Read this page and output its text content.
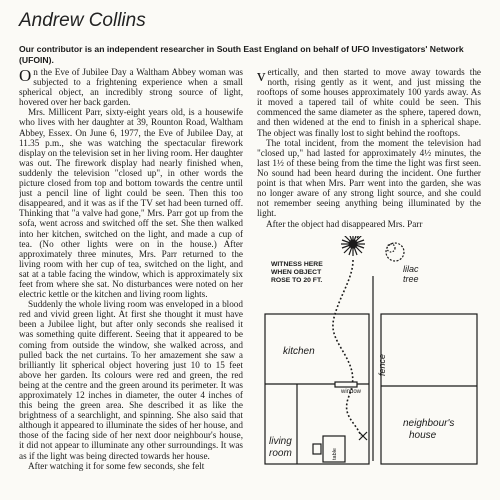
Andrew Collins

Our contributor is an independent researcher in South East England on behalf of UFO Investigators' Network (UFOIN).

On the Eve of Jubilee Day a Waltham Abbey woman was subjected to a frightening experience when a small spherical object, an incredibly strong source of light, hovered over her back garden.

Mrs. Millicent Parr, sixty-eight years old, is a housewife who lives with her daughter at 39, Rounton Road, Waltham Abbey, Essex. On June 6, 1977, the Eve of Jubilee Day, at 11.35 p.m., she was watching the spectacular firework display on the television set in her living room. Her daughter was out. The firework display had nearly finished when, suddenly the television "closed up", in other words the picture closed from top and bottom towards the centre until just a pencil line of light could be seen. Then this too disappeared, and it was as if the TV set had been turned off. Thinking that "a valve had gone," Mrs. Parr got up from the sofa, went across and switched off the set. She then walked into her kitchen, switched on the light, and made a cup of tea. (No other lights were on in the house.) After approximately three minutes, Mrs. Parr returned to the living room with her cup of tea, switched on the light, and sat at a table facing the window, which is approximately six feet from where she sat. No disturbances were noted on her electric kettle or the kitchen and living room lights.

Suddenly the whole living room was enveloped in a blood red and vivid green light. At first she thought it must have been a Jubilee light, but after only seconds she realised it was something quite different. Seeing that it appeared to be coming from outside the window, she walked across, and pulled back the net curtains. To her amazement she saw a brilliantly lit spherical object hovering just 10 to 15 feet above her garden. Its colours were red and green, the red being at the centre and the green around its perimeter. It was approximately 12 inches in diameter, the outer 4 inches of this being the green area. She described it as like the brightness of a searchlight, and spinning. She also said that although it appeared to illuminate the sides of her house, and those of the facing side of her next door neighbour's house, it did not appear to illuminate any other surroundings. It was as if the light was being directed towards her house.

After watching it for some few seconds, she felt

vertically, and then started to move away towards the north, rising gently as it went, and just missing the rooftops of some houses approximately 100 yards away. As it moved a tapered tail of white could be seen. This commenced the same diameter as the sphere, tapered down, and then widened at the end to finish in a spherical shape. The object was finally lost to sight behind the rooftops.

The total incident, from the moment the television had "closed up," had lasted for approximately 4½ minutes, the last 1½ of these being from the time the light was first seen. No sound had been heard during the incident. One further point is that when Mrs. Parr went into the garden, she was no longer aware of any strong light source, and she could not remember seeing anything being illuminated by the light.

After the object had disappeared Mrs. Parr

WITNESS HERE
WHEN OBJECT
ROSE TO 20 FT.
lilac
tree
fence
kitchen
window
neighbour's
house
living
room	table
